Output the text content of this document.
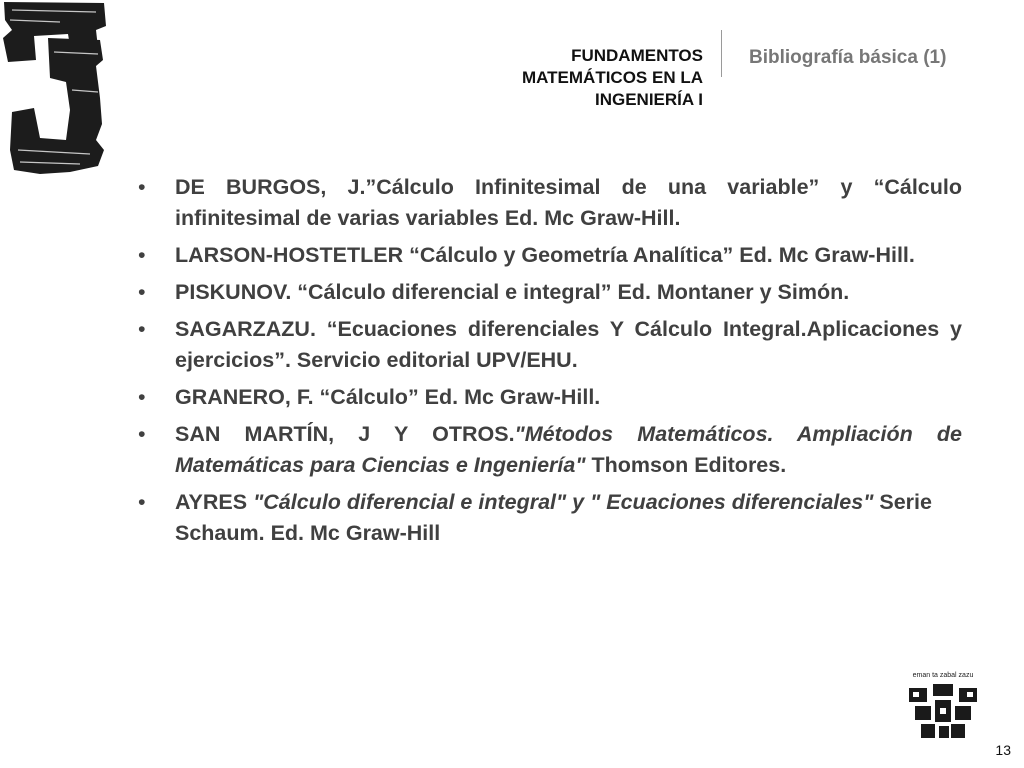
FUNDAMENTOS
MATEMÁTICOS EN LA
INGENIERÍA I
Bibliografía básica (1)
• DE BURGOS, J.”Cálculo Infinitesimal de una variable” y “Cálculo infinitesimal de varias variables Ed. Mc Graw-Hill.
• LARSON-HOSTETLER “Cálculo y Geometría Analítica” Ed. Mc Graw-Hill.
• PISKUNOV. “Cálculo diferencial e integral” Ed. Montaner y Simón.
• SAGARZAZU. “Ecuaciones diferenciales Y Cálculo Integral.Aplicaciones y ejercicios”. Servicio editorial UPV/EHU.
• GRANERO, F. “Cálculo” Ed. Mc Graw-Hill.
• SAN MARTÍN, J Y OTROS."Métodos Matemáticos. Ampliación de Matemáticas para Ciencias e Ingeniería" Thomson Editores.
• AYRES "Cálculo diferencial e integral" y " Ecuaciones diferenciales" Serie Schaum. Ed. Mc Graw-Hill
eman ta zabal zazu
13
